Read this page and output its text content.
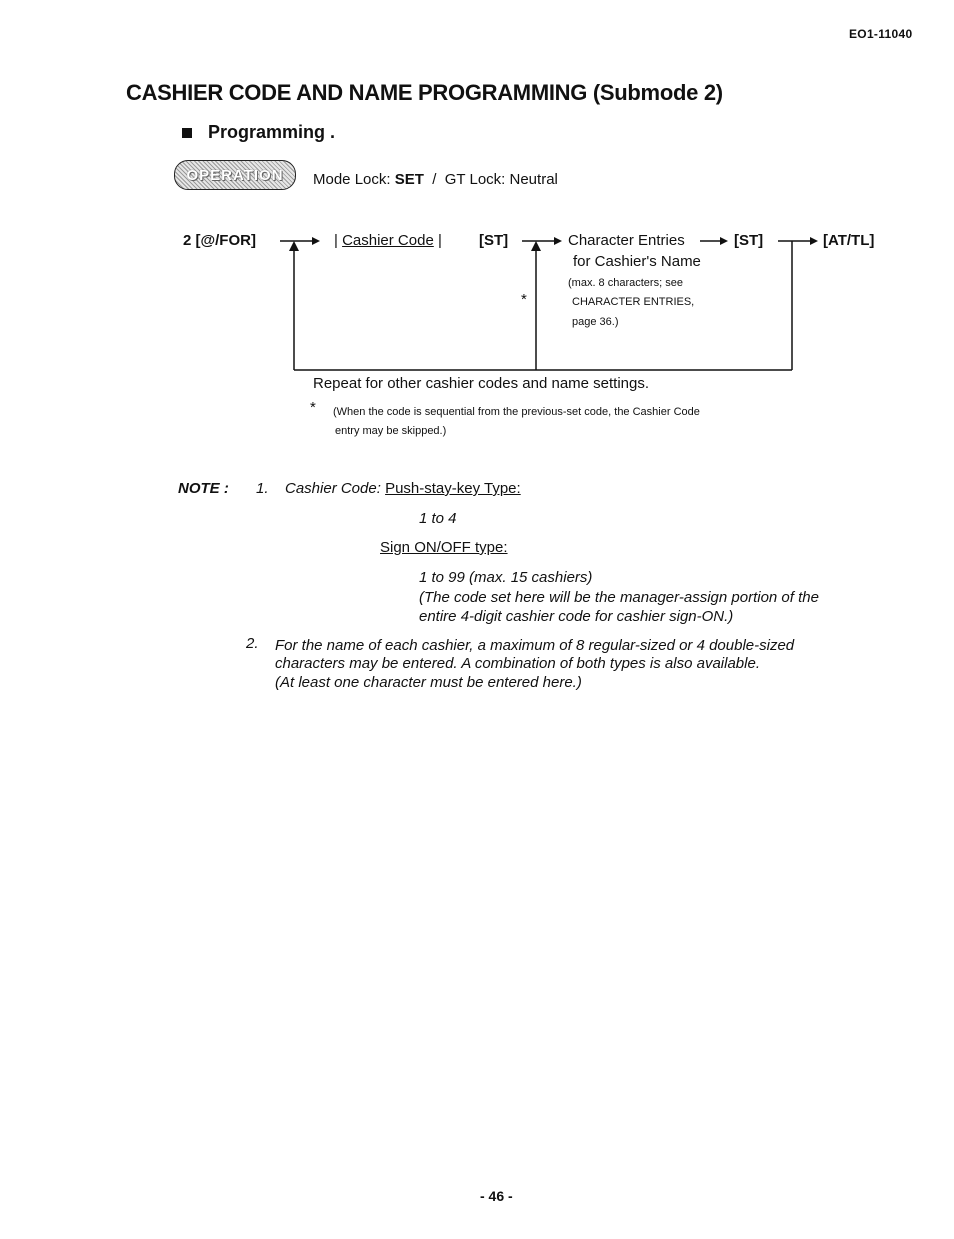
EO1-11040
CASHIER CODE AND NAME PROGRAMMING (Submode 2)
Programming .
OPERATION	Mode Lock: SET / GT Lock: Neutral
2 [@/FOR]	| Cashier Code | [ST]	Character Entries	[ST]	[AT/TL]
for Cashier's Name
(max. 8 characters; see
CHARACTER ENTRIES,
page 36.)
*
Repeat for other cashier codes and name settings.
* (When the code is sequential from the previous-set code, the Cashier Code
entry may be skipped.)
NOTE : 1. Cashier Code: Push-stay-key Type:
1 to 4
Sign ON/OFF type:
1 to 99 (max. 15 cashiers)
(The code set here will be the manager-assign portion of the
entire 4-digit cashier code for cashier sign-ON.)
2. For the name of each cashier, a maximum of 8 regular-sized or 4 double-sized
characters may be entered. A combination of both types is also available.
(At least one character must be entered here.)
- 46 -
